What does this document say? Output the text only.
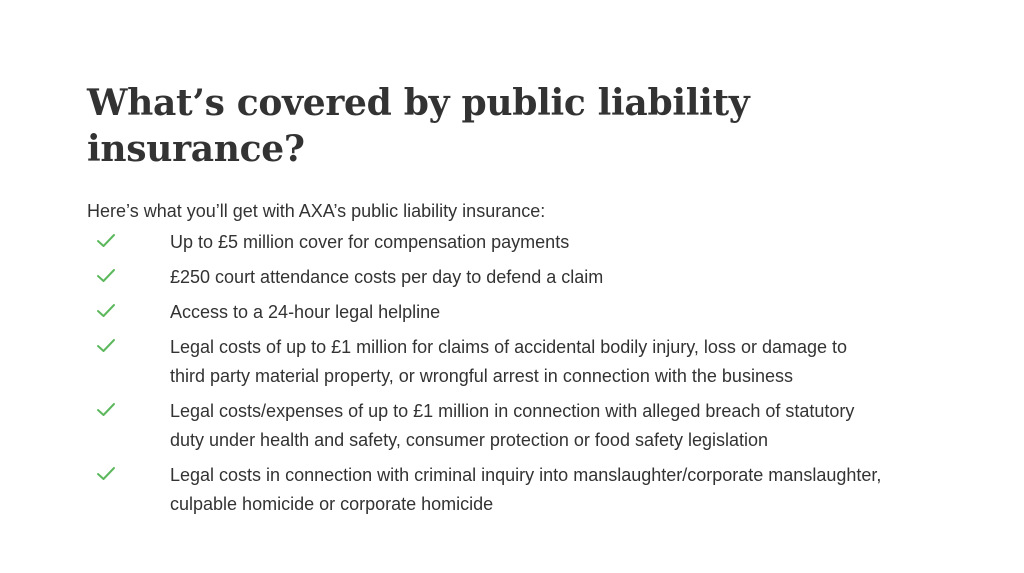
What’s covered by public liability insurance?

Here’s what you’ll get with AXA’s public liability insurance:

Up to £5 million cover for compensation payments
£250 court attendance costs per day to defend a claim
Access to a 24-hour legal helpline
Legal costs of up to £1 million for claims of accidental bodily injury, loss or damage to third party material property, or wrongful arrest in connection with the business
Legal costs/expenses of up to £1 million in connection with alleged breach of statutory duty under health and safety, consumer protection or food safety legislation
Legal costs in connection with criminal inquiry into manslaughter/corporate manslaughter, culpable homicide or corporate homicide
